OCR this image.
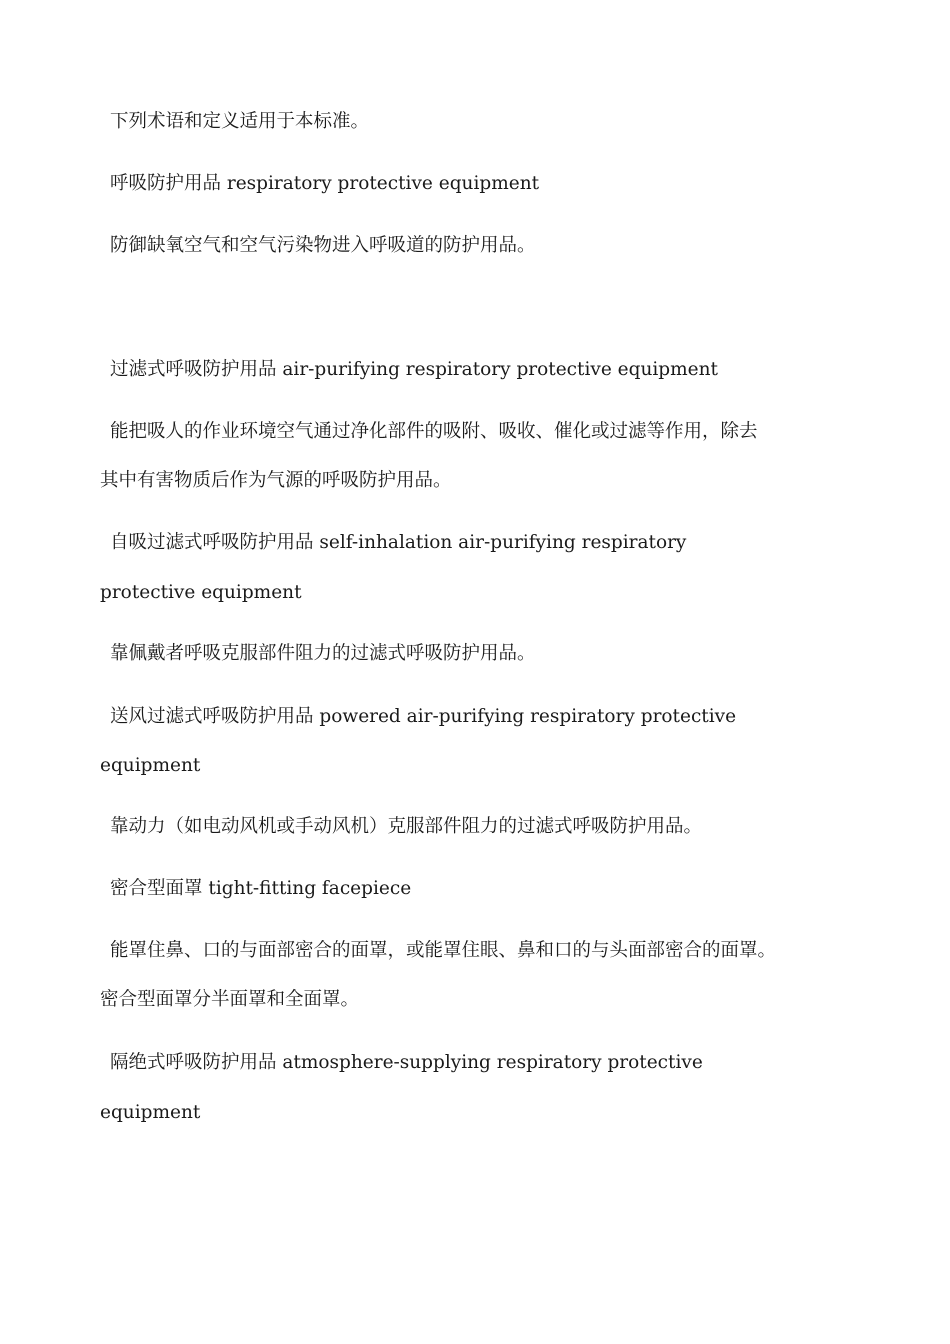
下列术语和定义适用于本标准。
呼吸防护用品 respiratory protective equipment
防御缺氧空气和空气污染物进入呼吸道的防护用品。
过滤式呼吸防护用品 air-purifying respiratory protective equipment
能把吸人的作业环境空气通过净化部件的吸附、吸收、催化或过滤等作用，除去
其中有害物质后作为气源的呼吸防护用品。
自吸过滤式呼吸防护用品 self-inhalation air-purifying respiratory
protective equipment
靠佩戴者呼吸克服部件阻力的过滤式呼吸防护用品。
送风过滤式呼吸防护用品 powered air-purifying respiratory protective
equipment
靠动力（如电动风机或手动风机）克服部件阻力的过滤式呼吸防护用品。
密合型面罩 tight-fitting facepiece
能罩住鼻、口的与面部密合的面罩，或能罩住眼、鼻和口的与头面部密合的面罩。
密合型面罩分半面罩和全面罩。
隔绝式呼吸防护用品 atmosphere-supplying respiratory protective
equipment
